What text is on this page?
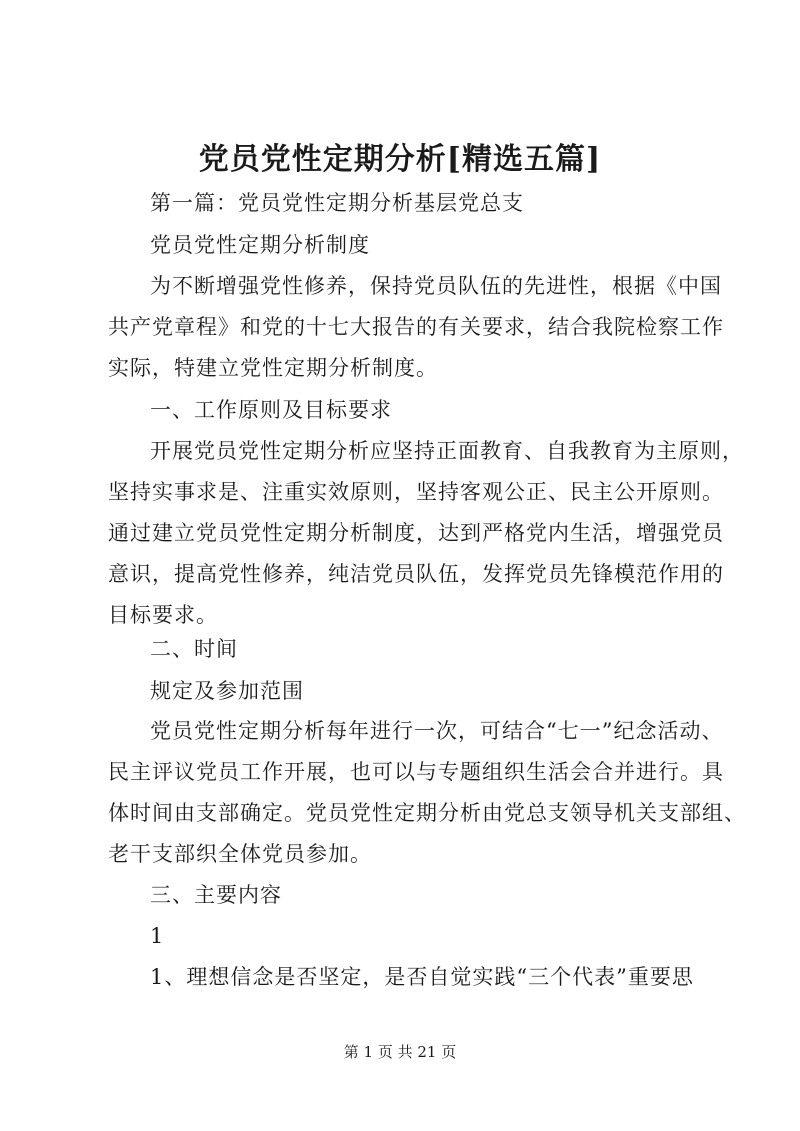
党员党性定期分析[精选五篇]
第一篇：党员党性定期分析基层党总支
党员党性定期分析制度
为不断增强党性修养，保持党员队伍的先进性，根据《中国
共产党章程》和党的十七大报告的有关要求，结合我院检察工作
实际，特建立党性定期分析制度。
一、工作原则及目标要求
开展党员党性定期分析应坚持正面教育、自我教育为主原则，
坚持实事求是、注重实效原则，坚持客观公正、民主公开原则。
通过建立党员党性定期分析制度，达到严格党内生活，增强党员
意识，提高党性修养，纯洁党员队伍，发挥党员先锋模范作用的
目标要求。
二、时间
规定及参加范围
党员党性定期分析每年进行一次，可结合“七一”纪念活动、
民主评议党员工作开展，也可以与专题组织生活会合并进行。具
体时间由支部确定。党员党性定期分析由党总支领导机关支部组、
老干支部织全体党员参加。
三、主要内容
1
1、理想信念是否坚定，是否自觉实践“三个代表”重要思
第 1 页 共 21 页
